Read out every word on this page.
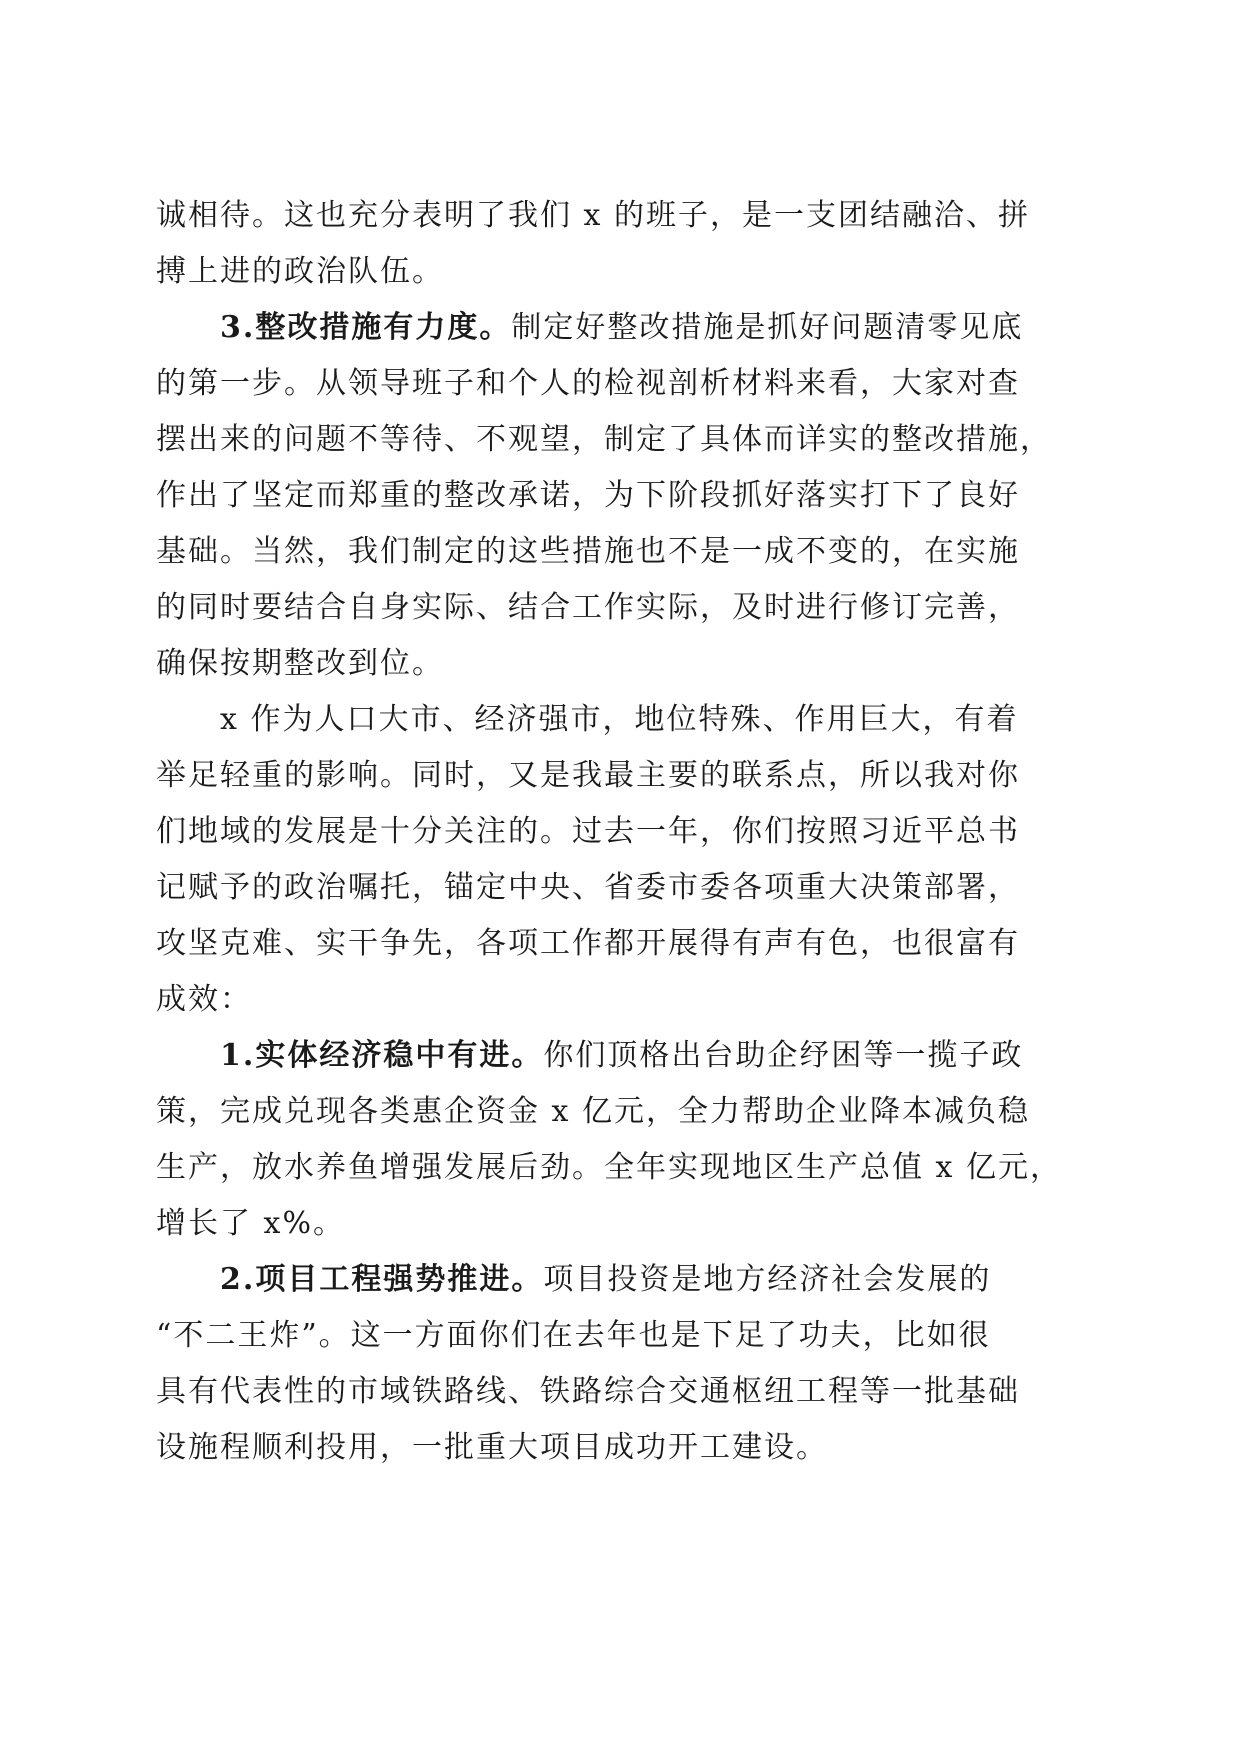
诚相待。这也充分表明了我们 x 的班子，是一支团结融洽、拼
搏上进的政治队伍。
3.整改措施有力度。制定好整改措施是抓好问题清零见底
的第一步。从领导班子和个人的检视剖析材料来看，大家对查
摆出来的问题不等待、不观望，制定了具体而详实的整改措施，
作出了坚定而郑重的整改承诺，为下阶段抓好落实打下了良好
基础。当然，我们制定的这些措施也不是一成不变的，在实施
的同时要结合自身实际、结合工作实际，及时进行修订完善，
确保按期整改到位。
x 作为人口大市、经济强市，地位特殊、作用巨大，有着
举足轻重的影响。同时，又是我最主要的联系点，所以我对你
们地域的发展是十分关注的。过去一年，你们按照习近平总书
记赋予的政治嘱托，锚定中央、省委市委各项重大决策部署，
攻坚克难、实干争先，各项工作都开展得有声有色，也很富有
成效：
1.实体经济稳中有进。你们顶格出台助企纾困等一揽子政
策，完成兑现各类惠企资金 x 亿元，全力帮助企业降本减负稳
生产，放水养鱼增强发展后劲。全年实现地区生产总值 x 亿元，
增长了 x%。
2.项目工程强势推进。项目投资是地方经济社会发展的
“不二王炸”。这一方面你们在去年也是下足了功夫，比如很
具有代表性的市域铁路线、铁路综合交通枢纽工程等一批基础
设施程顺利投用，一批重大项目成功开工建设。
